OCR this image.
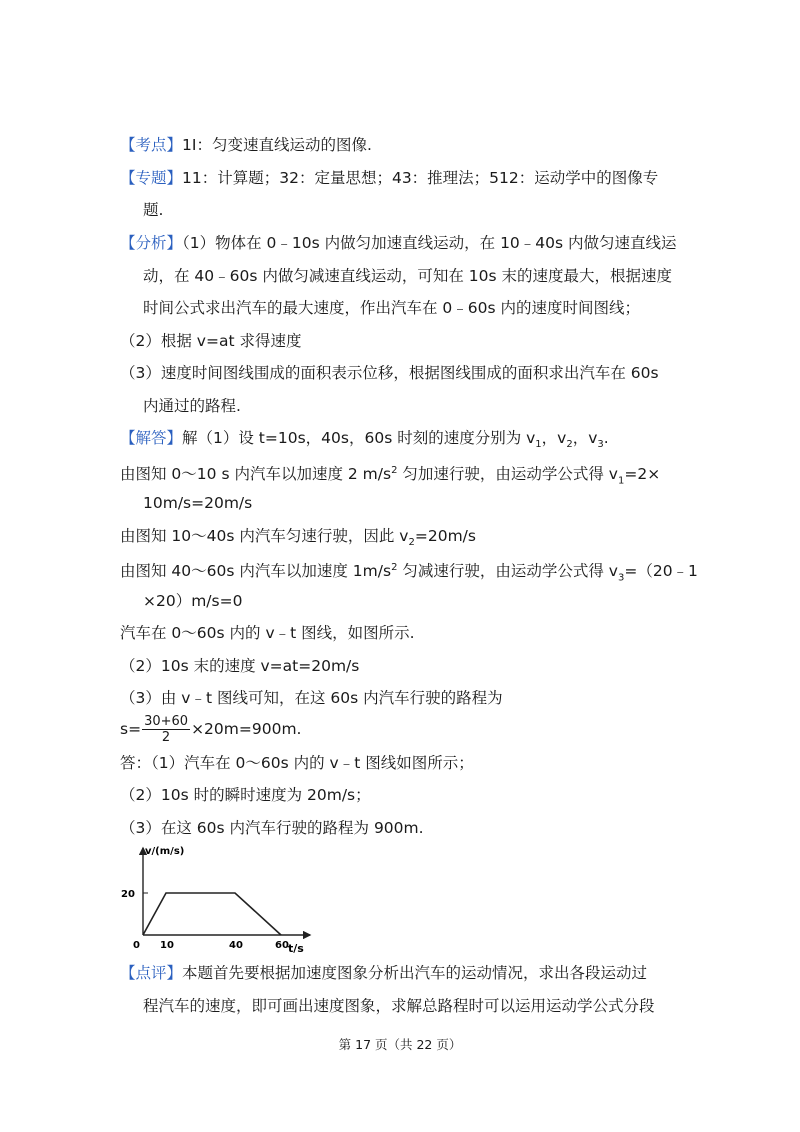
【考点】1I：匀变速直线运动的图像.
【专题】11：计算题；32：定量思想；43：推理法；512：运动学中的图像专
题.
【分析】（1）物体在 0﹣10s 内做匀加速直线运动，在 10﹣40s 内做匀速直线运
动，在 40﹣60s 内做匀减速直线运动，可知在 10s 末的速度最大，根据速度
时间公式求出汽车的最大速度，作出汽车在 0﹣60s 内的速度时间图线；
（2）根据 v=at 求得速度
（3）速度时间图线围成的面积表示位移，根据图线围成的面积求出汽车在 60s
内通过的路程.
【解答】解（1）设 t=10s，40s，60s 时刻的速度分别为 $v_1$，$v_2$，$v_3$.
由图知 0～10 s 内汽车以加速度 2 $m/s^2$ 匀加速行驶，由运动学公式得 $v_1=2\times$
10m/s=20m/s
由图知 10～40s 内汽车匀速行驶，因此 $v_2=20m/s$
由图知 40～60s 内汽车以加速度 $1m/s^2$ 匀减速行驶，由运动学公式得 $v_3=(20﹣1$
×20）m/s=0
汽车在 0～60s 内的 v﹣t 图线，如图所示.
（2）10s 末的速度 v=at=20m/s
（3）由 v﹣t 图线可知，在这 60s 内汽车行驶的路程为
$s= \frac{30+60}{2} \times 20m=900m$.
答：（1）汽车在 0～60s 内的 v﹣t 图线如图所示；
（2）10s 时的瞬时速度为 20m/s；
（3）在这 60s 内汽车行驶的路程为 900m.
v/(m/s)
t/s
0 10	40	60
20
【点评】本题首先要根据加速度图象分析出汽车的运动情况，求出各段运动过
程汽车的速度，即可画出速度图象，求解总路程时可以运用运动学公式分段
第 17 页（共 22 页）
